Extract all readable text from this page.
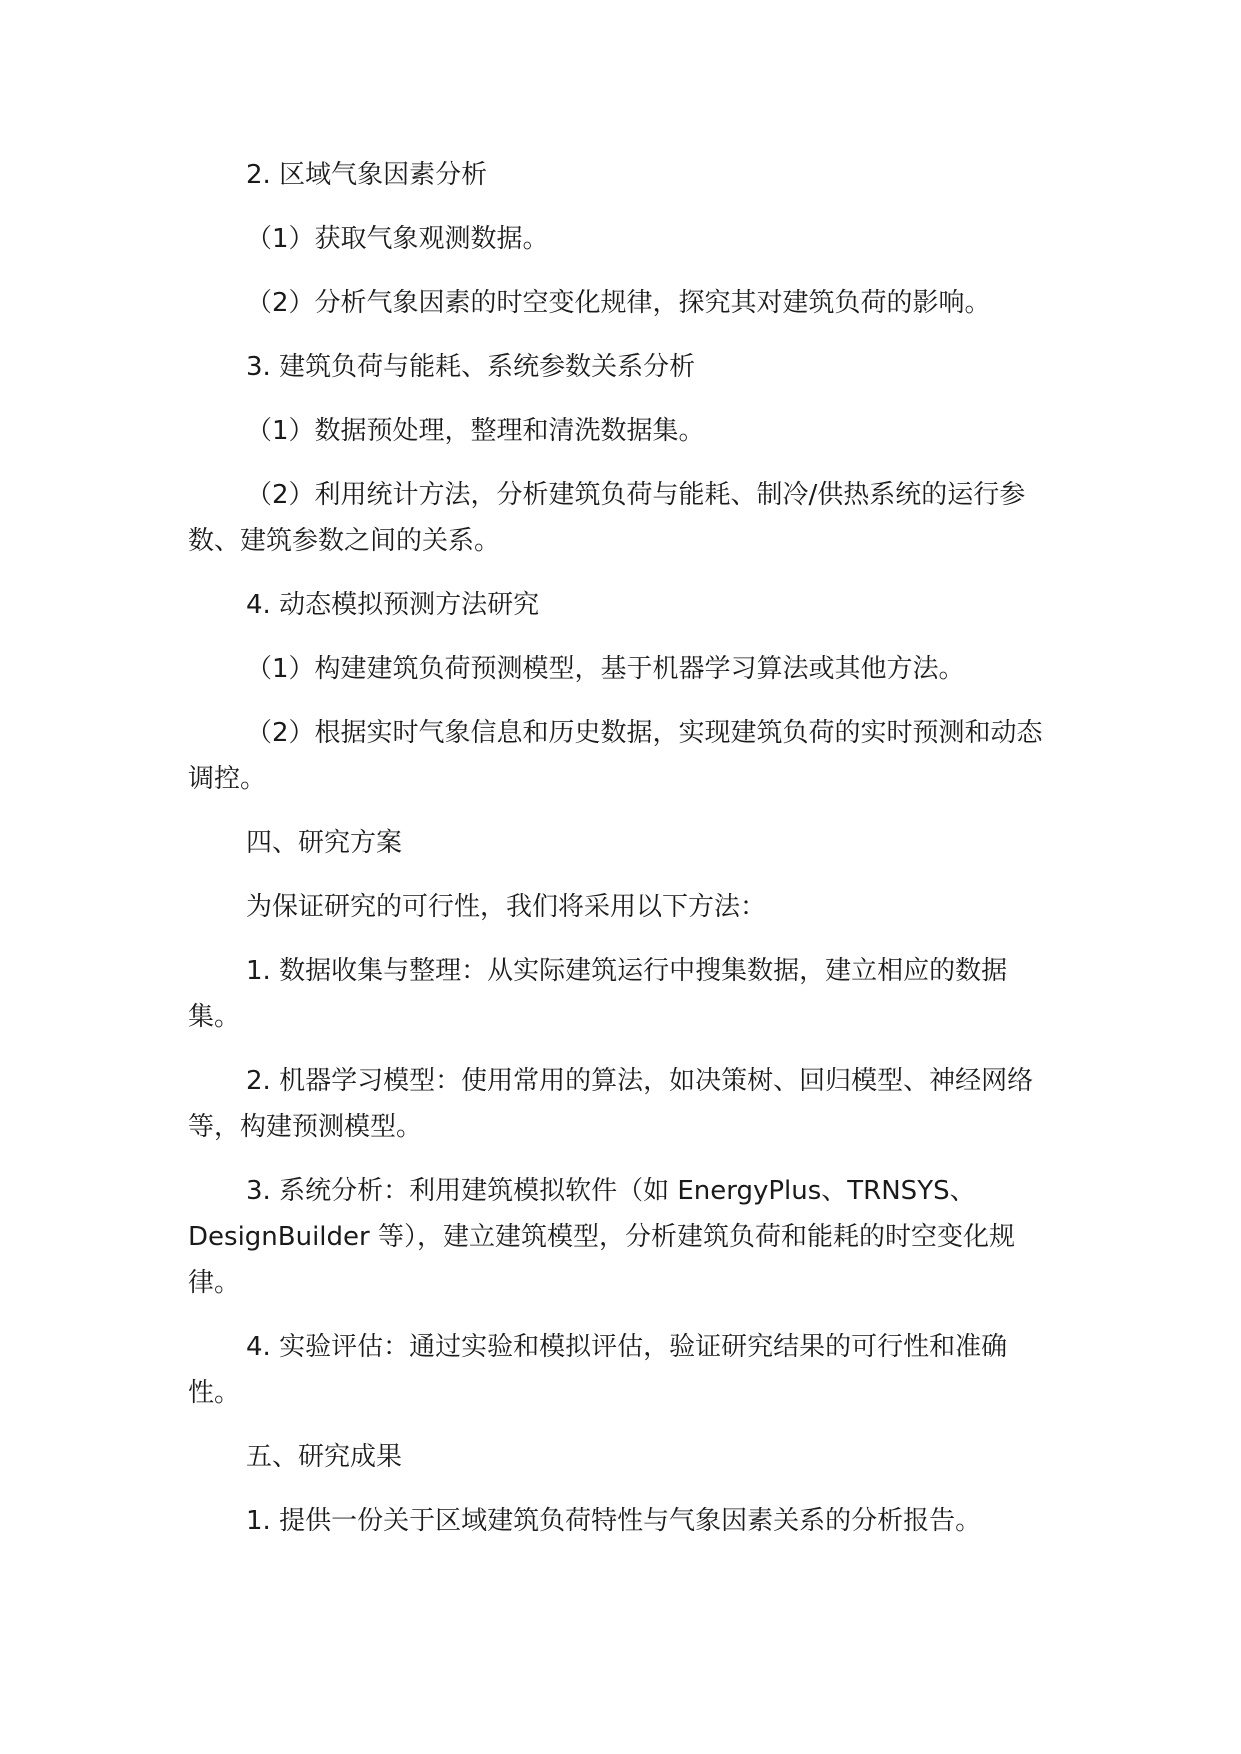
2. 区域气象因素分析

（1）获取气象观测数据。

（2）分析气象因素的时空变化规律，探究其对建筑负荷的影响。

3. 建筑负荷与能耗、系统参数关系分析

（1）数据预处理，整理和清洗数据集。

（2）利用统计方法，分析建筑负荷与能耗、制冷/供热系统的运行参数、建筑参数之间的关系。

4. 动态模拟预测方法研究

（1）构建建筑负荷预测模型，基于机器学习算法或其他方法。

（2）根据实时气象信息和历史数据，实现建筑负荷的实时预测和动态调控。

四、研究方案

为保证研究的可行性，我们将采用以下方法：

1. 数据收集与整理：从实际建筑运行中搜集数据，建立相应的数据集。

2. 机器学习模型：使用常用的算法，如决策树、回归模型、神经网络等，构建预测模型。

3. 系统分析：利用建筑模拟软件（如 EnergyPlus、TRNSYS、DesignBuilder 等），建立建筑模型，分析建筑负荷和能耗的时空变化规律。

4. 实验评估：通过实验和模拟评估，验证研究结果的可行性和准确性。

五、研究成果

1. 提供一份关于区域建筑负荷特性与气象因素关系的分析报告。
